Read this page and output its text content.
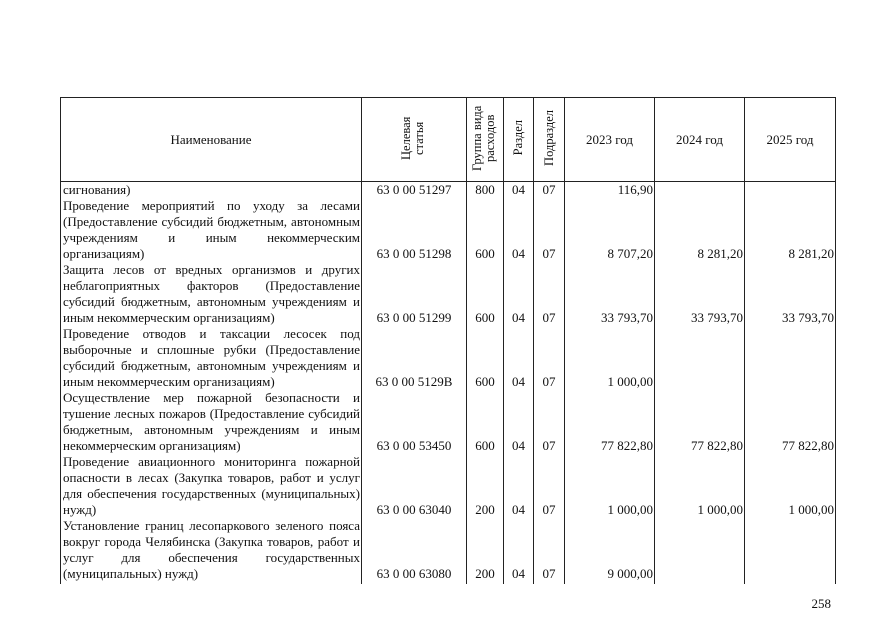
Наименование	Целевая статья	Группа вида расходов	Раздел	Подраздел	2023 год	2024 год	2025 год
сигнования)	63 0 00 51297	800	04	07	116,90		
Проведение мероприятий по уходу за лесами (Предоставление субсидий бюджетным, автономным учреждениям и иным некоммерческим организациям)	63 0 00 51298	600	04	07	8 707,20	8 281,20	8 281,20
Защита лесов от вредных организмов и других неблагоприятных факторов (Предоставление субсидий бюджетным, автономным учреждениям и иным некоммерческим организациям)	63 0 00 51299	600	04	07	33 793,70	33 793,70	33 793,70
Проведение отводов и таксации лесосек под выборочные и сплошные рубки (Предоставление субсидий бюджетным, автономным учреждениям и иным некоммерческим организациям)	63 0 00 5129В	600	04	07	1 000,00		
Осуществление мер пожарной безопасности и тушение лесных пожаров (Предоставление субсидий бюджетным, автономным учреждениям и иным некоммерческим организациям)	63 0 00 53450	600	04	07	77 822,80	77 822,80	77 822,80
Проведение авиационного мониторинга пожарной опасности в лесах (Закупка товаров, работ и услуг для обеспечения государственных (муниципальных) нужд)	63 0 00 63040	200	04	07	1 000,00	1 000,00	1 000,00
Установление границ лесопаркового зеленого пояса вокруг города Челябинска (Закупка товаров, работ и услуг для обеспечения государственных (муниципальных) нужд)	63 0 00 63080	200	04	07	9 000,00		
258
